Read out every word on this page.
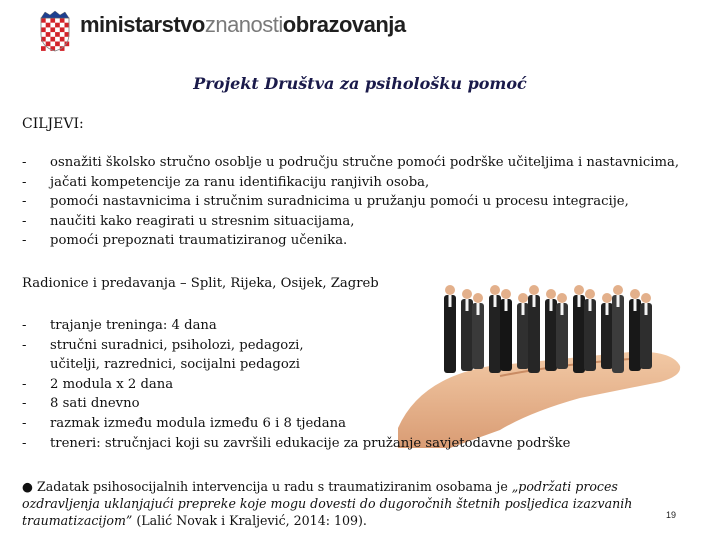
ministarstvoznanostiobrazovanja
Projekt Društva za psihološku pomoć
CILJEVI:
- osnažiti školsko stručno osoblje u području stručne pomoći podrške učiteljima i nastavnicima,
- jačati kompetencije za ranu identifikaciju ranjivih osoba,
- pomoći nastavnicima i stručnim suradnicima u pružanju pomoći u procesu integracije,
- naučiti kako reagirati u stresnim situacijama,
- pomoći prepoznati traumatiziranog učenika.
Radionice i predavanja – Split, Rijeka, Osijek, Zagreb
- trajanje treninga: 4 dana
- stručni suradnici, psiholozi, pedagozi,
učitelji, razrednici, socijalni pedagozi
- 2 modula x 2 dana
- 8 sati dnevno
- razmak između modula između 6 i 8 tjedana
- treneri: stručnjaci koji su završili edukacije za pružanje savjetodavne podrške
● Zadatak psihosocijalnih intervencija u radu s traumatiziranim osobama je „podržati proces ozdravljenja uklanjajući prepreke koje mogu dovesti do dugoročnih štetnih posljedica izazvanih traumatizacijom” (Lalić Novak i Kraljević, 2014: 109).	19
